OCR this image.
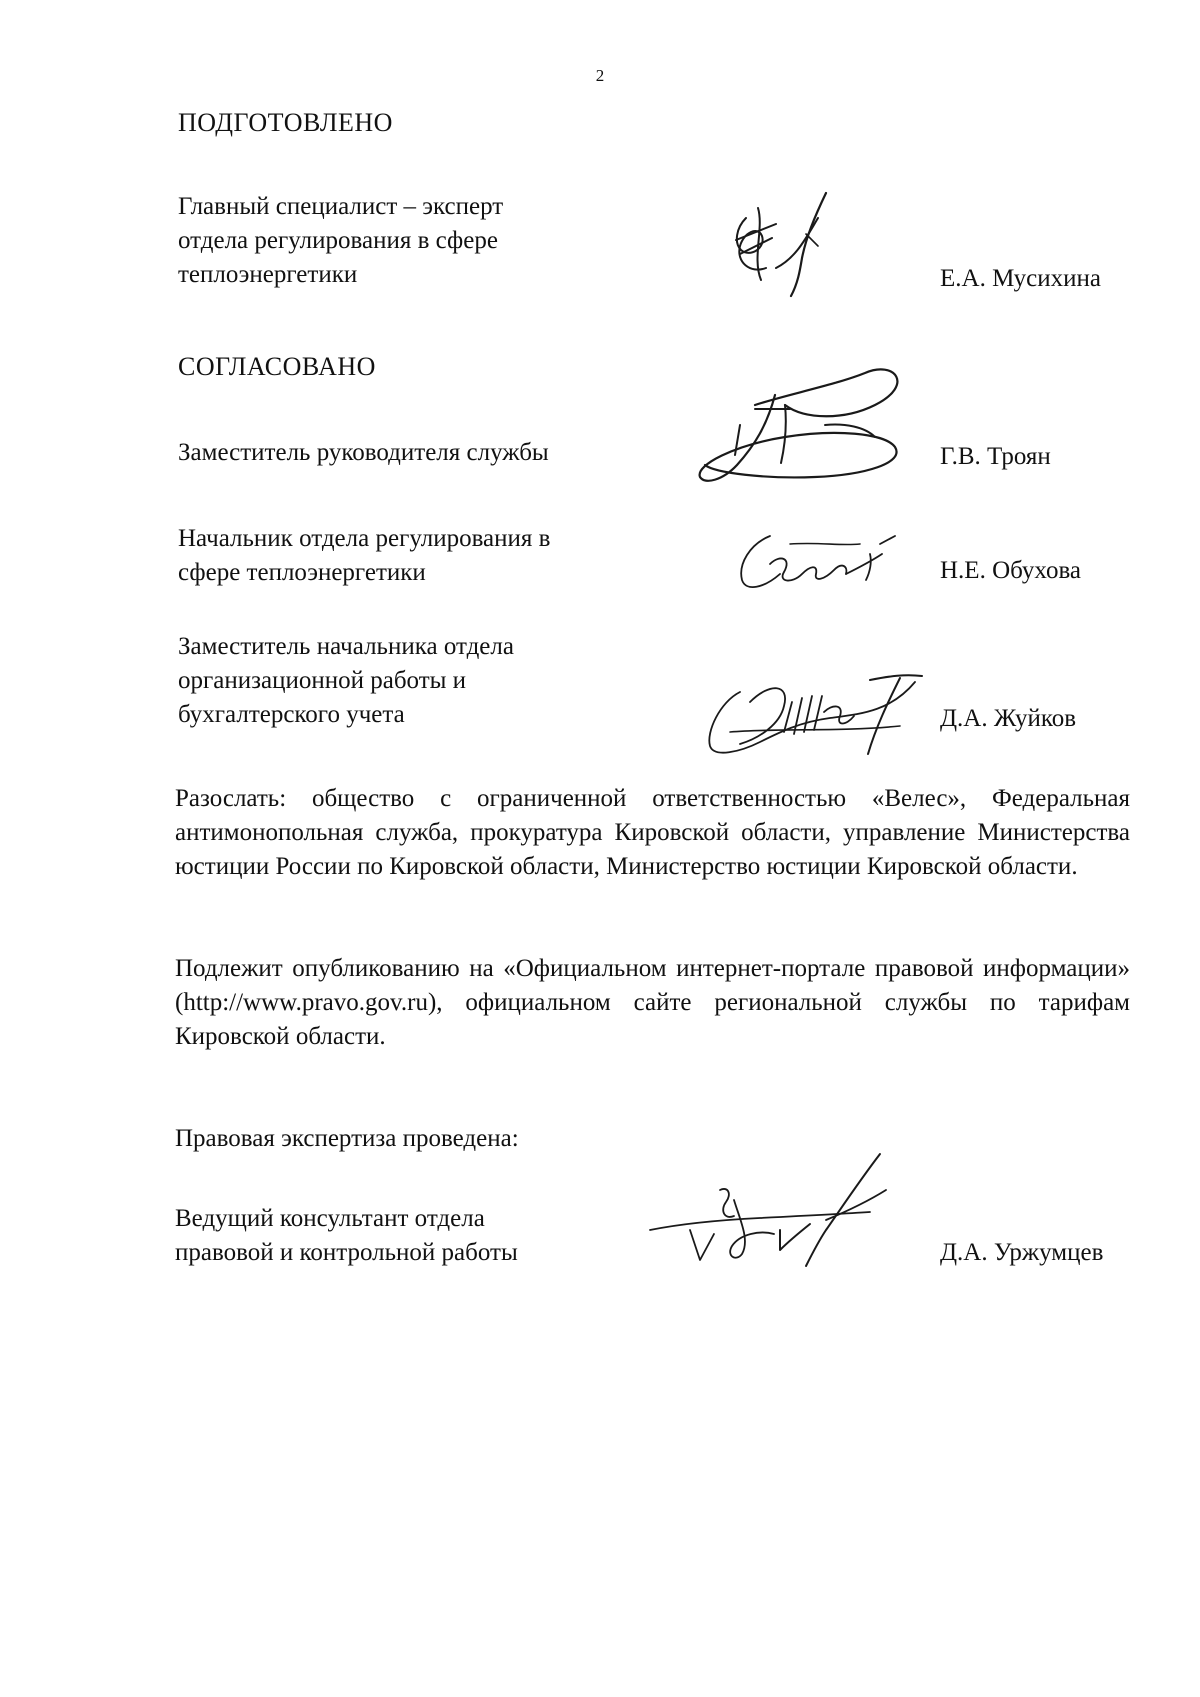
2
ПОДГОТОВЛЕНО
Главный специалист – эксперт отдела регулирования в сфере теплоэнергетики	Е.А. Мусихина
СОГЛАСОВАНО
Заместитель руководителя службы	Г.В. Троян
Начальник отдела регулирования в сфере теплоэнергетики	Н.Е. Обухова
Заместитель начальника отдела организационной работы и бухгалтерского учета	Д.А. Жуйков
Разослать: общество с ограниченной ответственностью «Велес», Федеральная антимонопольная служба, прокуратура Кировской области, управление Министерства юстиции России по Кировской области, Министерство юстиции Кировской области.
Подлежит опубликованию на «Официальном интернет-портале правовой информации» (http://www.pravo.gov.ru), официальном сайте региональной службы по тарифам Кировской области.
Правовая экспертиза проведена:
Ведущий консультант отдела правовой и контрольной работы	Д.А. Уржумцев
